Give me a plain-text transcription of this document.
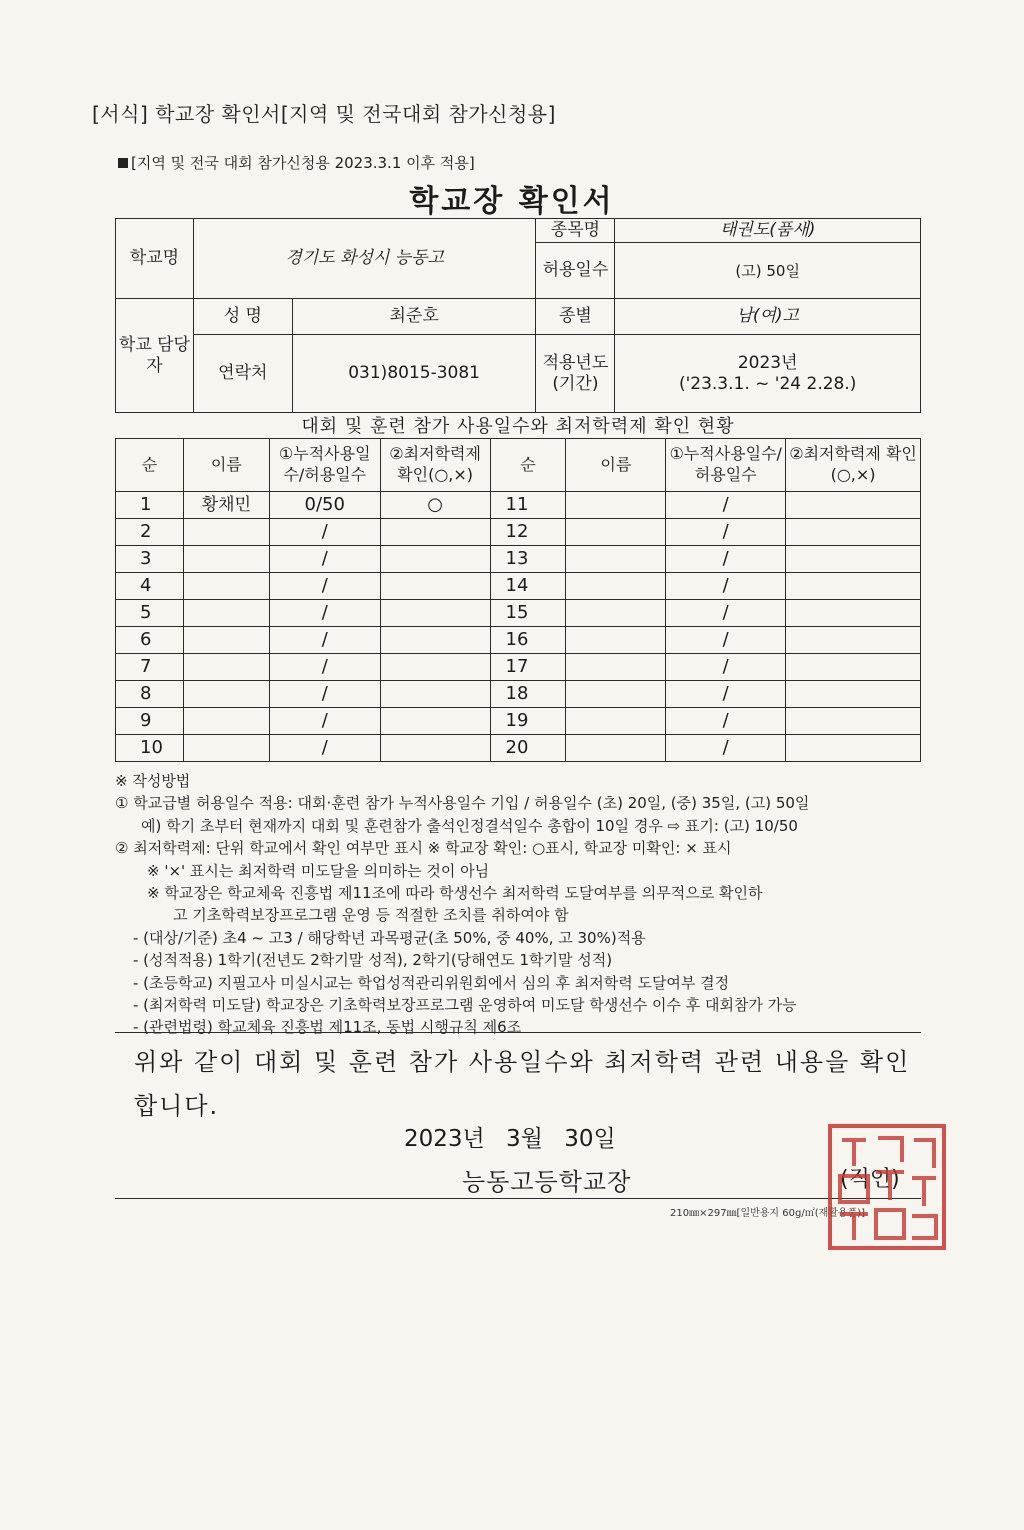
[서식] 학교장 확인서[지역 및 전국대회 참가신청용]
[지역 및 전국 대회 참가신청용 2023.3.1 이후 적용]
학교장 확인서
학교명	경기도 화성시 능동고		종목명	태권도(품새)
			허용일수	(고) 50일
학교 담당자	성 명	최준호	종별	남(여)고
	연락처	031)8015-3081	적용년도 (기간)	2023년
('23.3.1. ~ '24 2.28.)
대회 및 훈련 참가 사용일수와 최저학력제 확인 현황
순	이름	①누적사용일수/허용일수	②최저학력제 확인(○,×)	순	이름	①누적사용일수/허용일수	②최저학력제 확인(○,×)
1	황채민	0/50	○	11		/	
2		/		12		/	
3		/		13		/	
4		/		14		/	
5		/		15		/	
6		/		16		/	
7		/		17		/	
8		/		18		/	
9		/		19		/	
10		/		20		/	
※ 작성방법
① 학교급별 허용일수 적용: 대회·훈련 참가 누적사용일수 기입 / 허용일수 (초) 20일, (중) 35일, (고) 50일
예) 학기 초부터 현재까지 대회 및 훈련참가 출석인정결석일수 총합이 10일 경우 ⇨ 표기: (고) 10/50
② 최저학력제: 단위 학교에서 확인 여부만 표시 ※ 학교장 확인: ○표시, 학교장 미확인: × 표시
※ '×' 표시는 최저학력 미도달을 의미하는 것이 아님
※ 학교장은 학교체육 진흥법 제11조에 따라 학생선수 최저학력 도달여부를 의무적으로 확인하
고 기초학력보장프로그램 운영 등 적절한 조치를 취하여야 함
- (대상/기준) 초4 ~ 고3 / 해당학년 과목평균(초 50%, 중 40%, 고 30%)적용
- (성적적용) 1학기(전년도 2학기말 성적), 2학기(당해연도 1학기말 성적)
- (초등학교) 지필고사 미실시교는 학업성적관리위원회에서 심의 후 최저학력 도달여부 결정
- (최저학력 미도달) 학교장은 기초학력보장프로그램 운영하여 미도달 학생선수 이수 후 대회참가 가능
- (관련법령) 학교체육 진흥법 제11조, 동법 시행규칙 제6조
위와 같이 대회 및 훈련 참가 사용일수와 최저학력 관련 내용을 확인
합니다.
2023년 3월 30일
능동고등학교장	(직인)
210㎜×297㎜[일반용지 60g/㎡(재활용품)]
